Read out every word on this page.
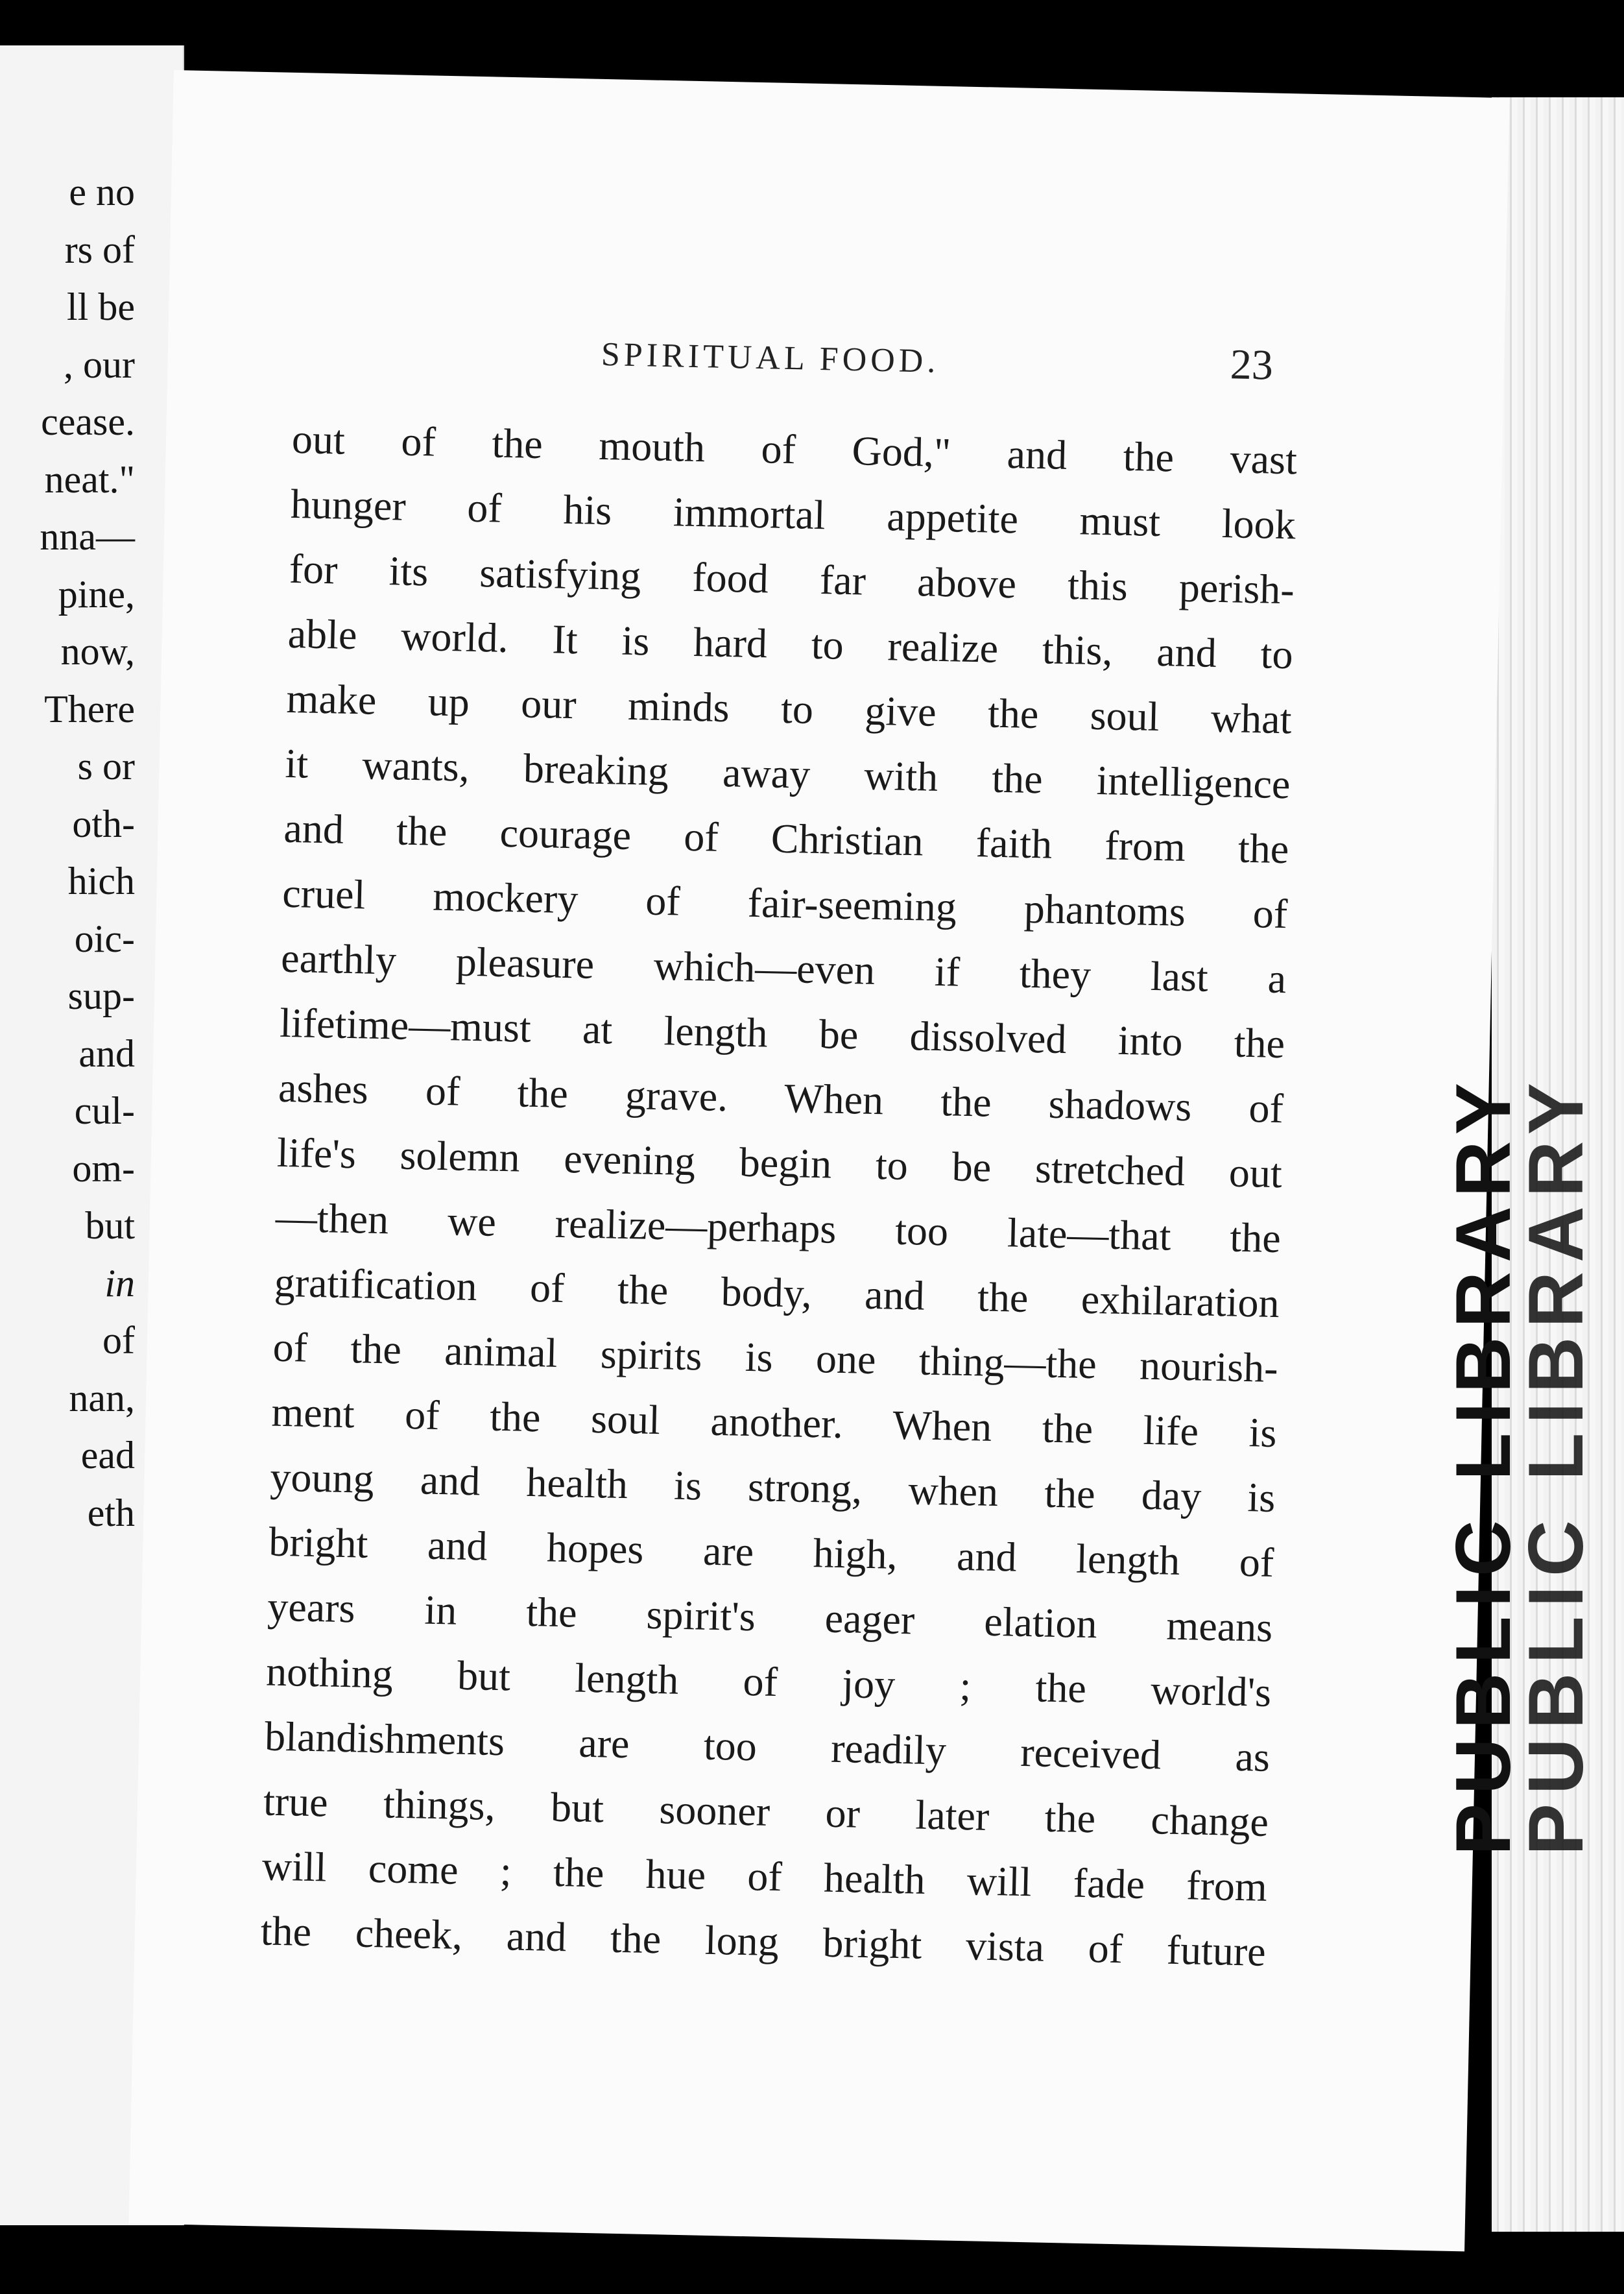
e no
rs of
ll be
, our
cease.
neat."
nna—
pine,
now,
There
s or
oth-
hich
oic-
sup-
and
cul-
om-
but
in
of
nan,
ead
eth
SPIRITUAL FOOD.	23
out of the mouth of God," and the vast
hunger of his immortal appetite must look
for its satisfying food far above this perish-
able world. It is hard to realize this, and to
make up our minds to give the soul what
it wants, breaking away with the intelligence
and the courage of Christian faith from the
cruel mockery of fair-seeming phantoms of
earthly pleasure which—even if they last a
lifetime—must at length be dissolved into the
ashes of the grave. When the shadows of
life's solemn evening begin to be stretched out
—then we realize—perhaps too late—that the
gratification of the body, and the exhilaration
of the animal spirits is one thing—the nourish-
ment of the soul another. When the life is
young and health is strong, when the day is
bright and hopes are high, and length of
years in the spirit's eager elation means
nothing but length of joy ; the world's
blandishments are too readily received as
true things, but sooner or later the change
will come ; the hue of health will fade from
the cheek, and the long bright vista of future
PUBLIC LIBRARY
PUBLIC LIBRARY
